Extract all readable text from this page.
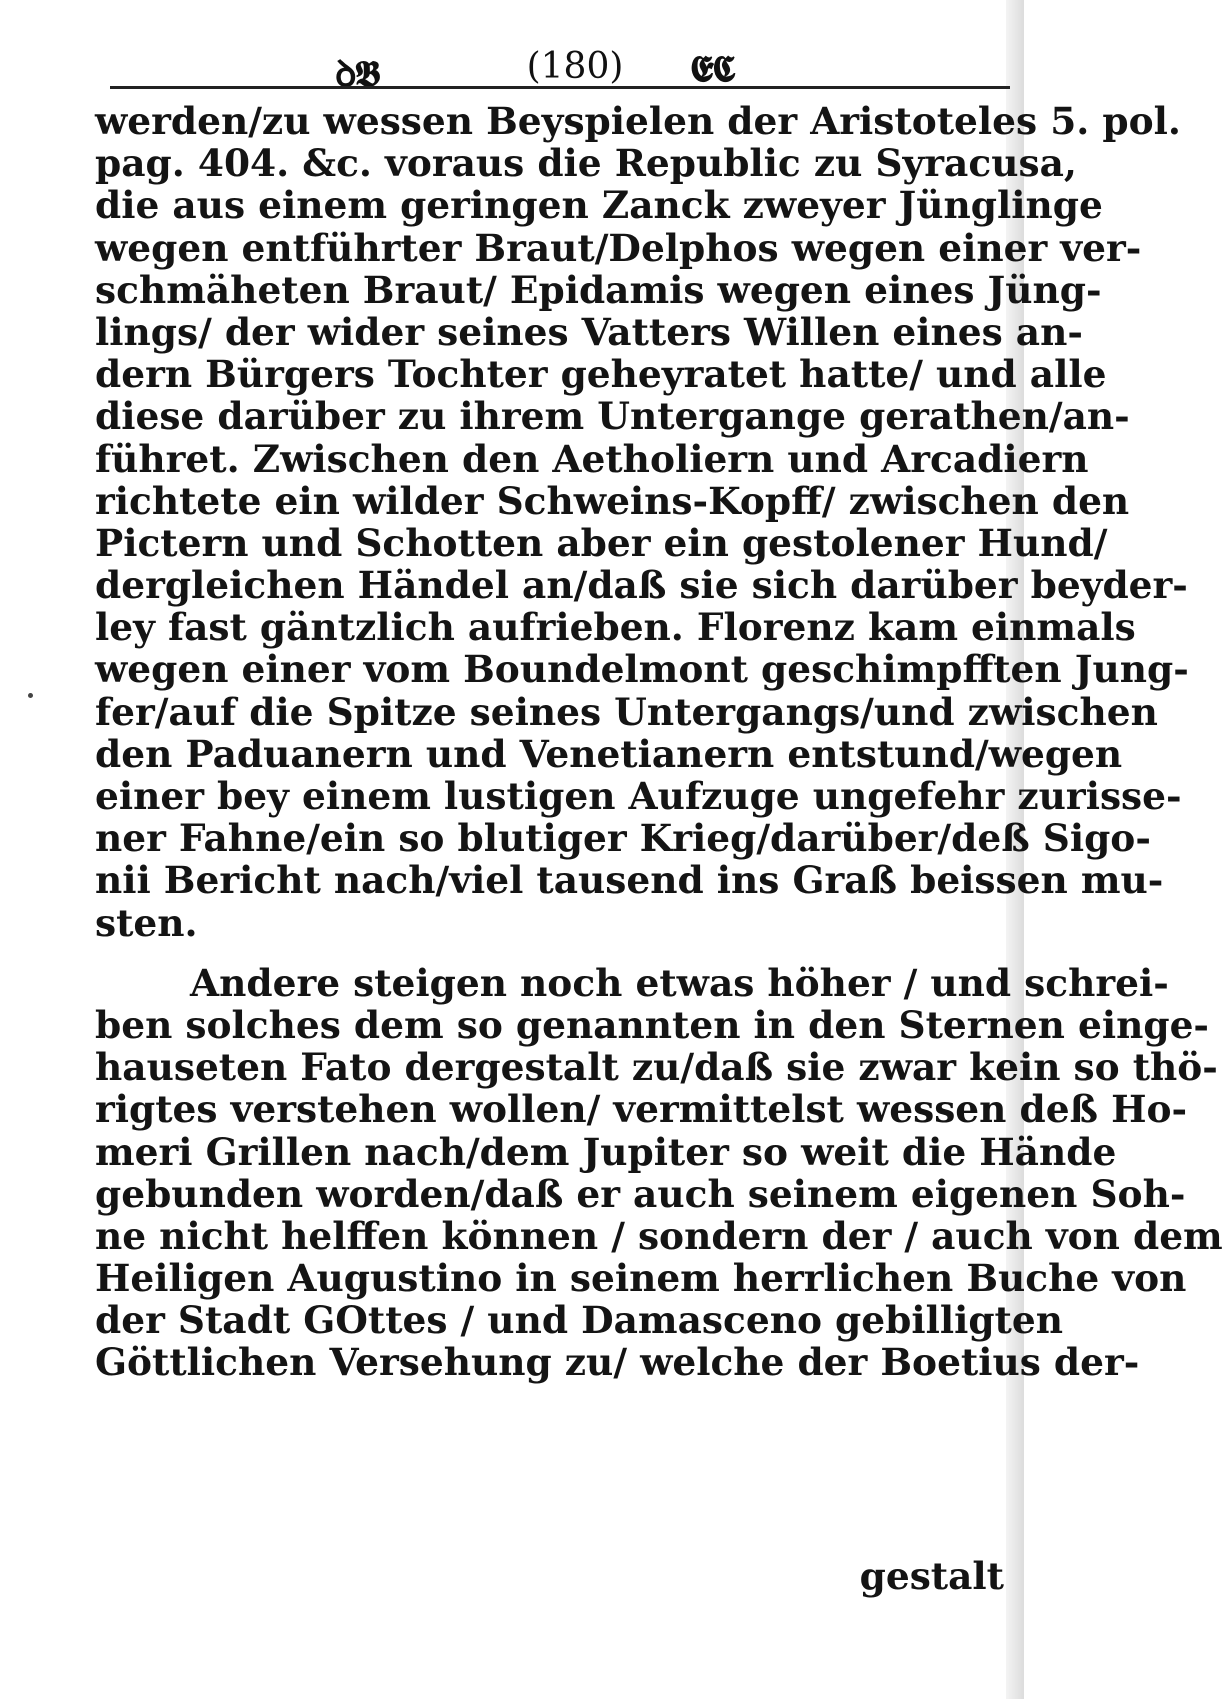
ꝺ𝕭	(180)	𝕰𝕮
werden/zu wessen Beyspielen der Aristoteles 5. pol.
pag. 404. &c. voraus die Republic zu Syracusa,
die aus einem geringen Zanck zweyer Jünglinge
wegen entführter Braut/Delphos wegen einer ver-
schmäheten Braut/ Epidamis wegen eines Jüng-
lings/ der wider seines Vatters Willen eines an-
dern Bürgers Tochter geheyratet hatte/ und alle
diese darüber zu ihrem Untergange gerathen/an-
führet. Zwischen den Aetholiern und Arcadiern
richtete ein wilder Schweins-Kopff/ zwischen den
Pictern und Schotten aber ein gestolener Hund/
dergleichen Händel an/daß sie sich darüber beyder-
ley fast gäntzlich aufrieben. Florenz kam einmals
wegen einer vom Boundelmont geschimpfften Jung-
fer/auf die Spitze seines Untergangs/und zwischen
den Paduanern und Venetianern entstund/wegen
einer bey einem lustigen Aufzuge ungefehr zurisse-
ner Fahne/ein so blutiger Krieg/darüber/deß Sigo-
nii Bericht nach/viel tausend ins Graß beissen mu-
sten.
Andere steigen noch etwas höher / und schrei-
ben solches dem so genannten in den Sternen einge-
hauseten Fato dergestalt zu/daß sie zwar kein so thö-
rigtes verstehen wollen/ vermittelst wessen deß Ho-
meri Grillen nach/dem Jupiter so weit die Hände
gebunden worden/daß er auch seinem eigenen Soh-
ne nicht helffen können / sondern der / auch von dem
Heiligen Augustino in seinem herrlichen Buche von
der Stadt GOttes / und Damasceno gebilligten
Göttlichen Versehung zu/ welche der Boetius der-
gestalt
